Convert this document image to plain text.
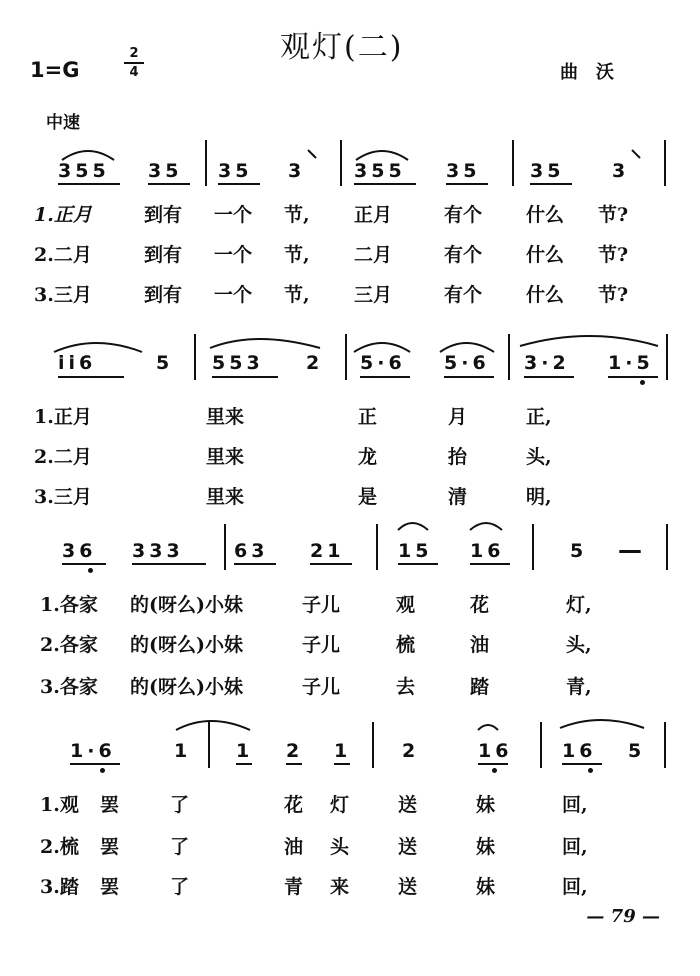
观灯(二)
1=G
2
4	曲沃
中速
355 35 35 3	355 35	35	3
1.正月	到有 一个 节, 正月	有个 什么 节?
2.二月	到有 一个 节, 二月	有个 什么 节?
3.三月	到有 一个 节, 三月	有个 什么 节?
ii6	5 553 2 5·6 5·6 3·2 1·5
1.正月	里来	正	月	正,
2.二月	里来	龙	抬	头,
3.三月	里来	是	清	明,
36 333	63 21	15 16	5 —
1.各家 的(呀么)小妹	子儿	观	花	灯,
2.各家 的(呀么)小妹	子儿	梳	油	头,
3.各家 的(呀么)小妹	子儿	去	踏	青,
1·6	1 1 2 1	2	16	16 5
1.观 罢	了	花 灯	送	妹	回,
2.梳 罢	了	油 头	送	妹	回,
3.踏 罢	了	青 来	送	妹	回,
— 79 —
